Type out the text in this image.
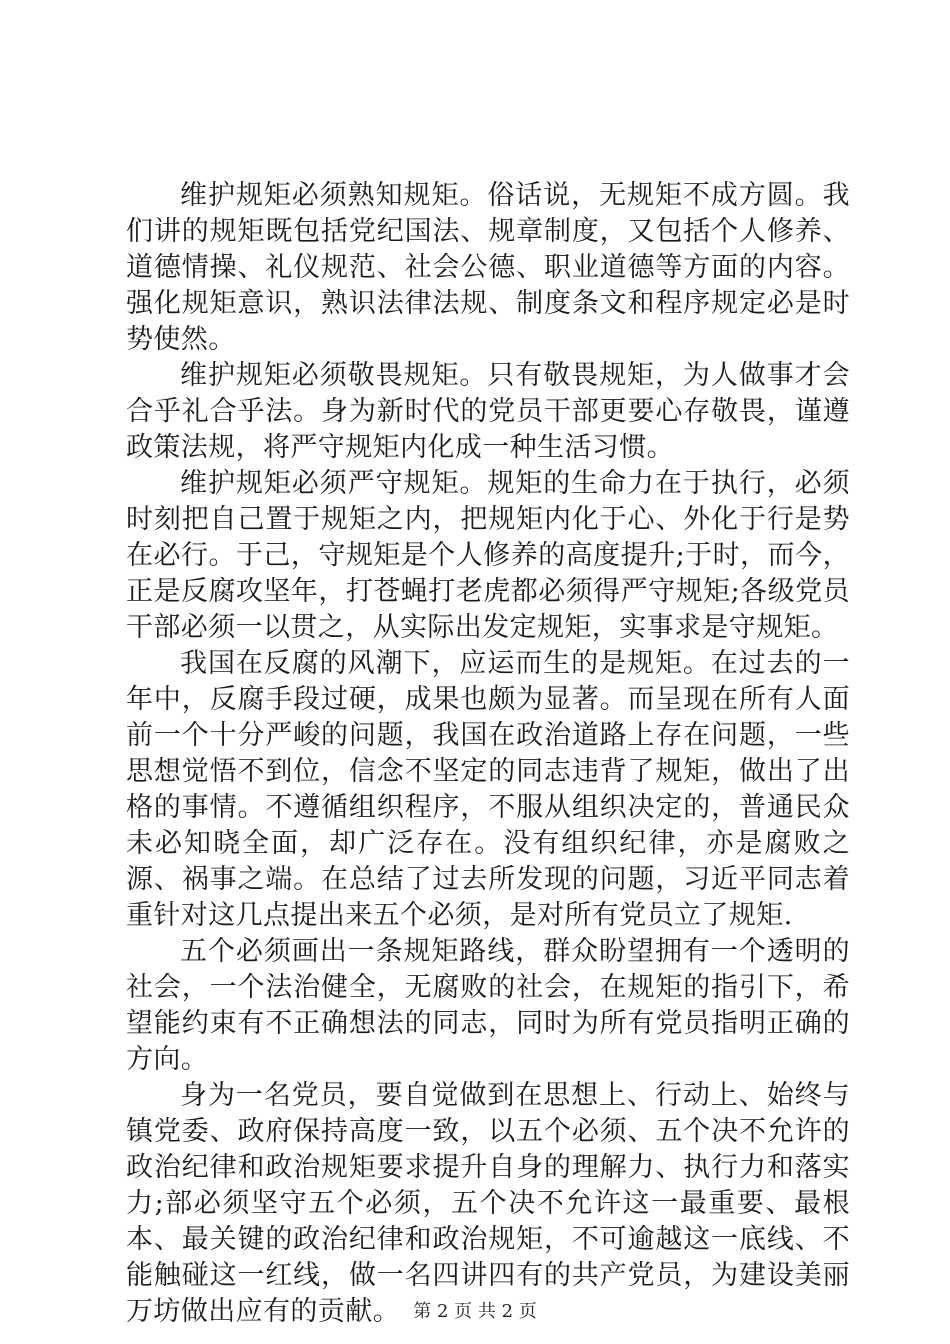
维护规矩必须熟知规矩。俗话说，无规矩不成方圆。我们讲的规矩既包括党纪国法、规章制度，又包括个人修养、道德情操、礼仪规范、社会公德、职业道德等方面的内容。强化规矩意识，熟识法律法规、制度条文和程序规定必是时势使然。

维护规矩必须敬畏规矩。只有敬畏规矩，为人做事才会合乎礼合乎法。身为新时代的党员干部更要心存敬畏，谨遵政策法规，将严守规矩内化成一种生活习惯。

维护规矩必须严守规矩。规矩的生命力在于执行，必须时刻把自己置于规矩之内，把规矩内化于心、外化于行是势在必行。于己，守规矩是个人修养的高度提升;于时，而今，正是反腐攻坚年，打苍蝇打老虎都必须得严守规矩;各级党员干部必须一以贯之，从实际出发定规矩，实事求是守规矩。

我国在反腐的风潮下，应运而生的是规矩。在过去的一年中，反腐手段过硬，成果也颇为显著。而呈现在所有人面前一个十分严峻的问题，我国在政治道路上存在问题，一些思想觉悟不到位，信念不坚定的同志违背了规矩，做出了出格的事情。不遵循组织程序，不服从组织决定的，普通民众未必知晓全面，却广泛存在。没有组织纪律，亦是腐败之源、祸事之端。在总结了过去所发现的问题，习近平同志着重针对这几点提出来五个必须，是对所有党员立了规矩.

五个必须画出一条规矩路线，群众盼望拥有一个透明的社会，一个法治健全，无腐败的社会，在规矩的指引下，希望能约束有不正确想法的同志，同时为所有党员指明正确的方向。

身为一名党员，要自觉做到在思想上、行动上、始终与镇党委、政府保持高度一致，以五个必须、五个决不允许的政治纪律和政治规矩要求提升自身的理解力、执行力和落实力;部必须坚守五个必须，五个决不允许这一最重要、最根本、最关键的政治纪律和政治规矩，不可逾越这一底线、不能触碰这一红线，做一名四讲四有的共产党员，为建设美丽万坊做出应有的贡献。 第 2 页 共 2 页
